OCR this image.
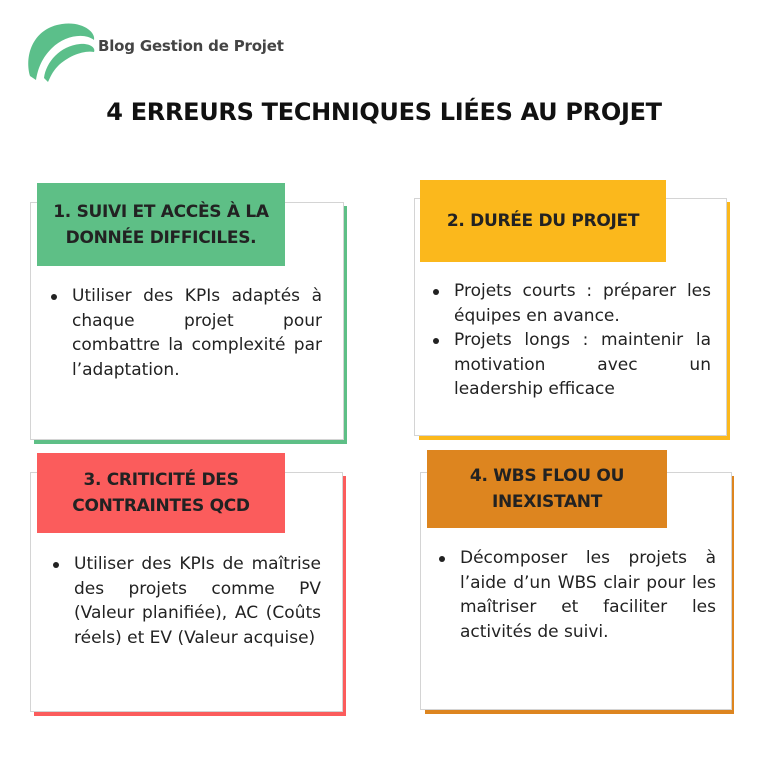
Blog Gestion de Projet
4 ERREURS TECHNIQUES LIÉES AU PROJET
1. SUIVI ET ACCÈS À LA DONNÉE DIFFICILES.
Utiliser des KPIs adaptés à chaque projet pour combattre la complexité par l’adaptation.
2. DURÉE DU PROJET
Projets courts : préparer les équipes en avance.
Projets longs : maintenir la motivation avec un leadership efficace
3. CRITICITÉ DES CONTRAINTES QCD
Utiliser des KPIs de maîtrise des projets comme PV (Valeur planifiée), AC (Coûts réels) et EV (Valeur acquise)
4. WBS FLOU OU INEXISTANT
Décomposer les projets à l’aide d’un WBS clair pour les maîtriser et faciliter les activités de suivi.
